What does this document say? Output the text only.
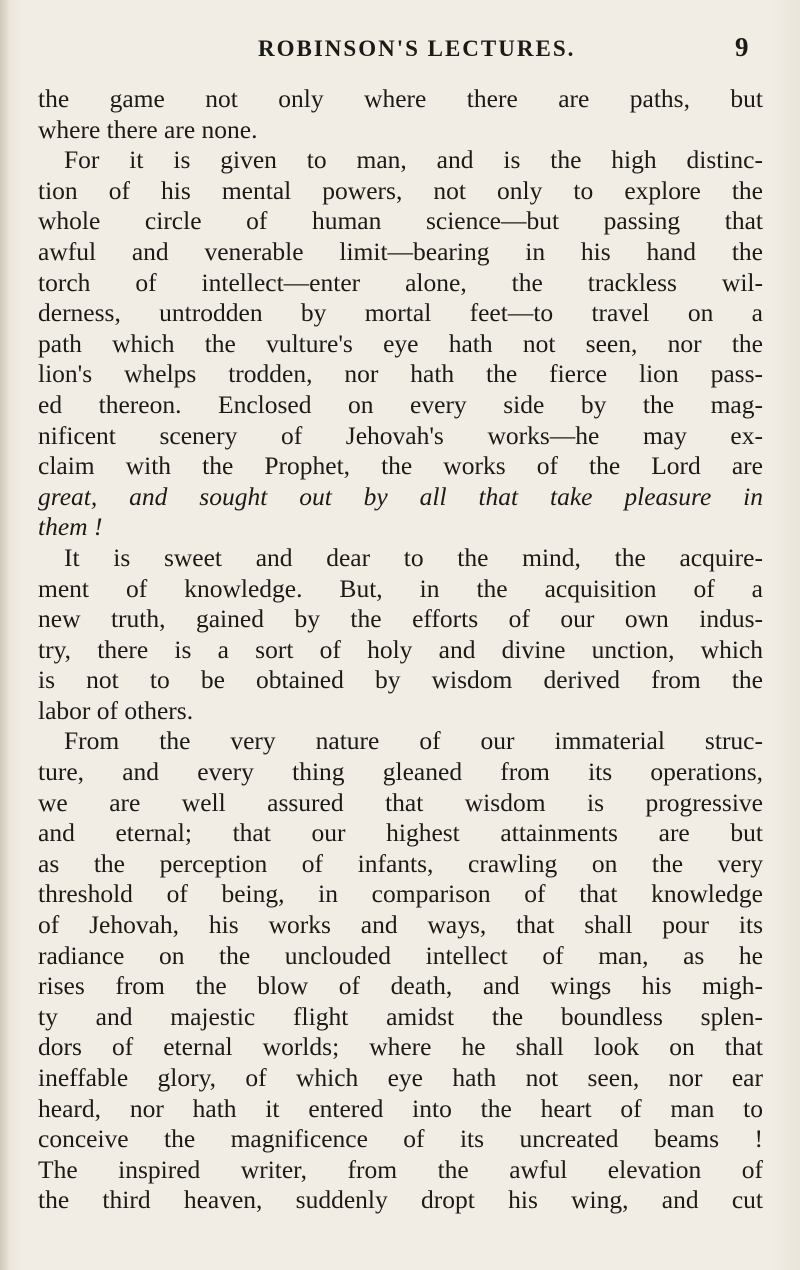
ROBINSON'S LECTURES.	9
the game not only where there are paths, but
where there are none.
For it is given to man, and is the high distinc-
tion of his mental powers, not only to explore the
whole circle of human science—but passing that
awful and venerable limit—bearing in his hand the
torch of intellect—enter alone, the trackless wil-
derness, untrodden by mortal feet—to travel on a
path which the vulture's eye hath not seen, nor the
lion's whelps trodden, nor hath the fierce lion pass-
ed thereon. Enclosed on every side by the mag-
nificent scenery of Jehovah's works—he may ex-
claim with the Prophet, the works of the Lord are
great, and sought out by all that take pleasure in
them !
It is sweet and dear to the mind, the acquire-
ment of knowledge. But, in the acquisition of a
new truth, gained by the efforts of our own indus-
try, there is a sort of holy and divine unction, which
is not to be obtained by wisdom derived from the
labor of others.
From the very nature of our immaterial struc-
ture, and every thing gleaned from its operations,
we are well assured that wisdom is progressive
and eternal; that our highest attainments are but
as the perception of infants, crawling on the very
threshold of being, in comparison of that knowledge
of Jehovah, his works and ways, that shall pour its
radiance on the unclouded intellect of man, as he
rises from the blow of death, and wings his migh-
ty and majestic flight amidst the boundless splen-
dors of eternal worlds; where he shall look on that
ineffable glory, of which eye hath not seen, nor ear
heard, nor hath it entered into the heart of man to
conceive the magnificence of its uncreated beams !
The inspired writer, from the awful elevation of
the third heaven, suddenly dropt his wing, and cut
